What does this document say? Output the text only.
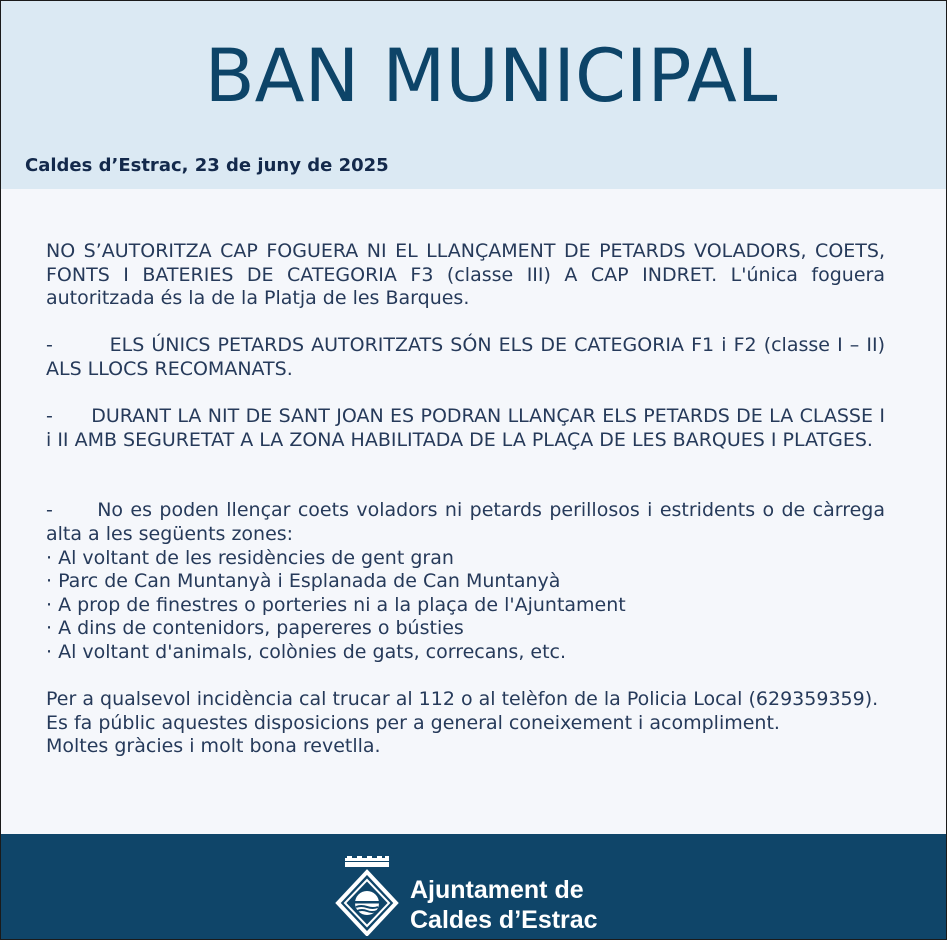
BAN MUNICIPAL
Caldes d’Estrac, 23 de juny de 2025

NO S’AUTORITZA CAP FOGUERA NI EL LLANÇAMENT DE PETARDS VOLADORS, COETS, FONTS I BATERIES DE CATEGORIA F3 (classe III) A CAP INDRET. L'única foguera autoritzada és la de la Platja de les Barques.

-        ELS ÚNICS PETARDS AUTORITZATS SÓN ELS DE CATEGORIA F1 i F2 (classe I – II) ALS LLOCS RECOMANATS.

-      DURANT LA NIT DE SANT JOAN ES PODRAN LLANÇAR ELS PETARDS DE LA CLASSE I i II AMB SEGURETAT A LA ZONA HABILITADA DE LA PLAÇA DE LES BARQUES I PLATGES.

-      No es poden llençar coets voladors ni petards perillosos i estridents o de càrrega alta a les següents zones:

· Al voltant de les residències de gent gran
· Parc de Can Muntanyà i Esplanada de Can Muntanyà
· A prop de finestres o porteries ni a la plaça de l'Ajuntament
· A dins de contenidors, papereres o bústies
· Al voltant d'animals, colònies de gats, correcans, etc.

Per a qualsevol incidència cal trucar al 112 o al telèfon de la Policia Local (629359359).

Es fa públic aquestes disposicions per a general coneixement i acompliment.

Moltes gràcies i molt bona revetlla.

Ajuntament de
Caldes d’Estrac
